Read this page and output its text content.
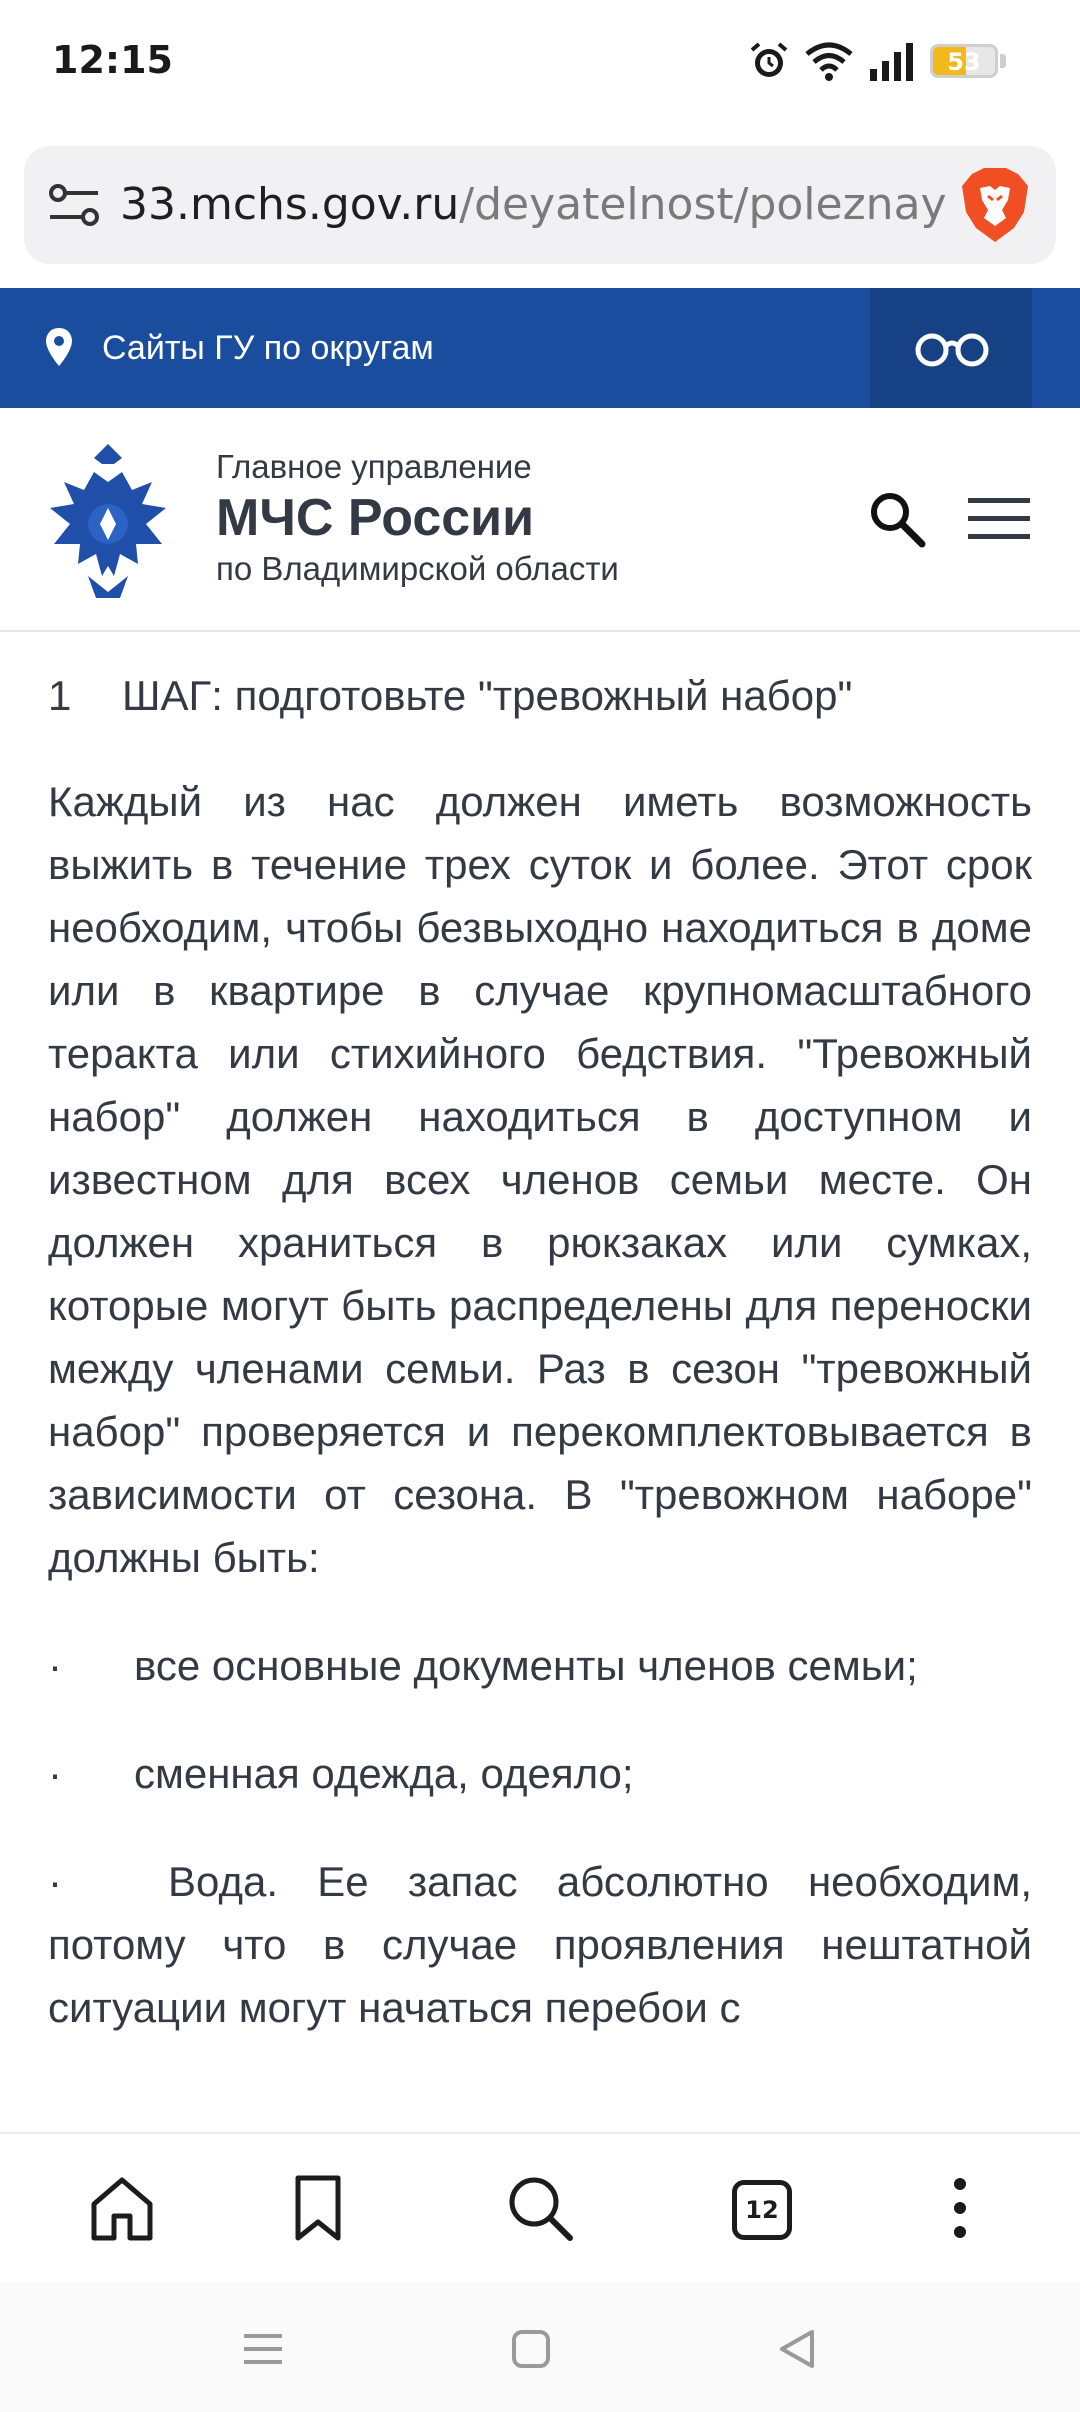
12:15	53
33.mchs.gov.ru/deyatelnost/poleznay
Сайты ГУ по округам
Главное управление
МЧС России
по Владимирской области
1 ШАГ: подготовьте "тревожный набор"

Каждый из нас должен иметь возможность выжить в течение трех суток и более. Этот срок необходим, чтобы безвыходно находиться в доме или в квартире в случае крупномасштабного теракта или стихийного бедствия. "Тревожный набор" должен находиться в доступном и известном для всех членов семьи месте. Он должен храниться в рюкзаках или сумках, которые могут быть распределены для переноски между членами семьи. Раз в сезон "тревожный набор" проверяется и перекомплектовывается в зависимости от сезона. В "тревожном наборе" должны быть:

· все основные документы членов семьи;
· сменная одежда, одеяло;
·	Вода. Ее запас абсолютно необходим, потому что в случае проявления нештатной ситуации могут начаться перебои с
12
